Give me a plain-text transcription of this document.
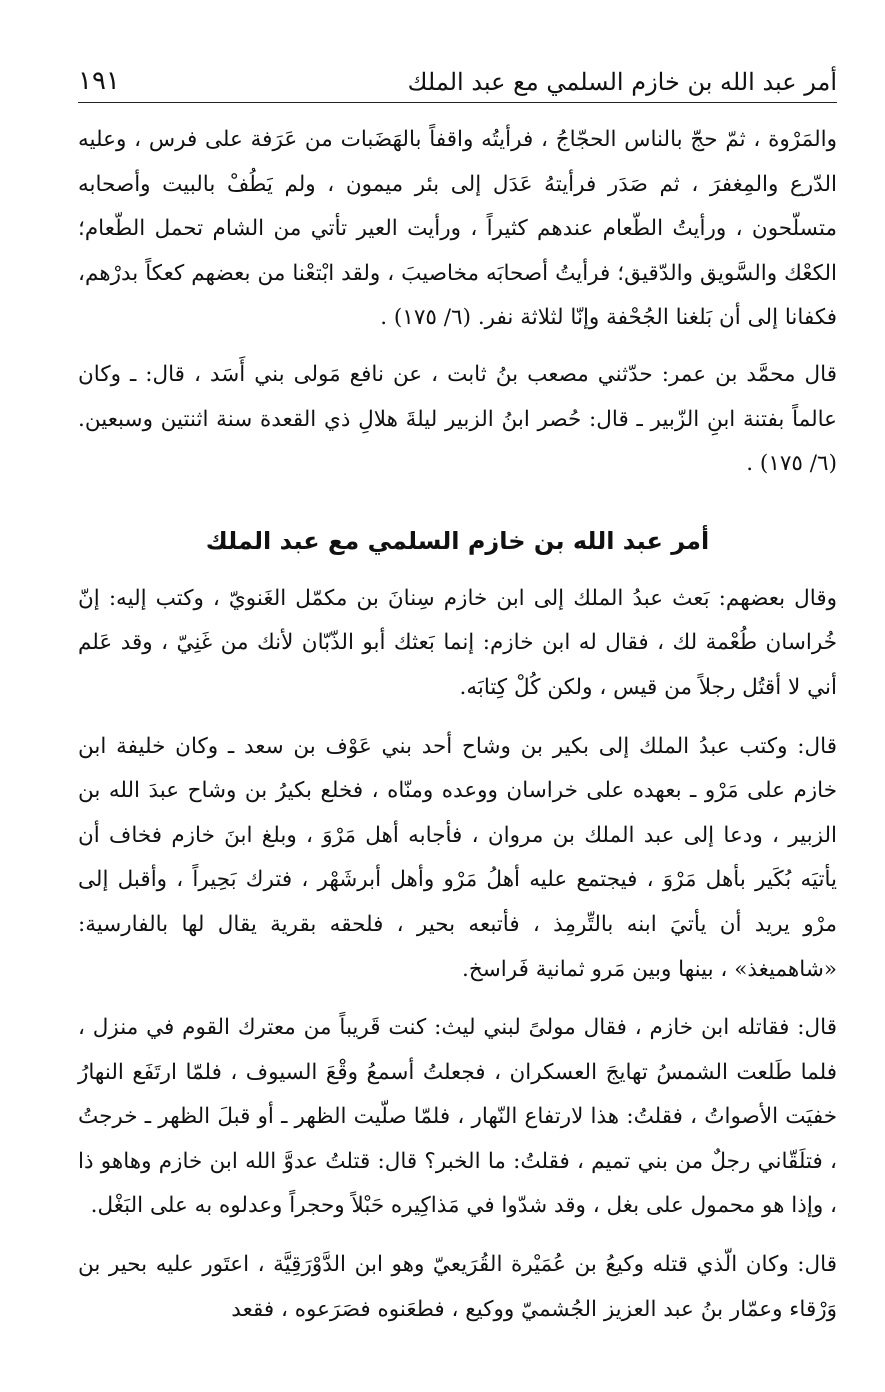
أمر عبد الله بن خازم السلمي مع عبد الملك
١٩١

والمَرْوة ، ثمّ حجّ بالناس الحجّاجُ ، فرأيتُه واقفاً بالهَضَبات من عَرَفة على فرس ، وعليه الدّرع والمِغفرَ ، ثم صَدَر فرأيتهُ عَدَل إلى بئر ميمون ، ولم يَطُفْ بالبيت وأصحابه متسلّحون ، ورأيتُ الطّعام عندهم كثيراً ، ورأيت العير تأتي من الشام تحمل الطّعام؛ الكعْك والسَّويق والدّقيق؛ فرأيتُ أصحابَه مخاصيبَ ، ولقد ابْتعْنا من بعضهم كعكاً بدرْهم، فكفانا إلى أن بَلغنا الجُحْفة وإنّا لثلاثة نفر. (٦/ ١٧٥) .

قال محمَّد بن عمر: حدّثني مصعب بنُ ثابت ، عن نافع مَولى بني أَسَد ، قال: ـ وكان عالماً بفتنة ابنِ الزّبير ـ قال: حُصر ابنُ الزبير ليلةَ هلالِ ذي القعدة سنة اثنتين وسبعين. (٦/ ١٧٥) .

أمر عبد الله بن خازم السلمي مع عبد الملك

وقال بعضهم: بَعث عبدُ الملك إلى ابن خازم سِنانَ بن مكمّل الغَنويّ ، وكتب إليه: إنّ خُراسان طُعْمة لك ، فقال له ابن خازم: إنما بَعثك أبو الذّبّان لأنك من غَنِيّ ، وقد عَلم أني لا أقتُل رجلاً من قيس ، ولكن كُلْ كِتابَه.

قال: وكتب عبدُ الملك إلى بكير بن وشاح أحد بني عَوْف بن سعد ـ وكان خليفة ابن خازم على مَرْو ـ بعهده على خراسان ووعده ومنّاه ، فخلع بكيرُ بن وشاح عبدَ الله بن الزبير ، ودعا إلى عبد الملك بن مروان ، فأجابه أهل مَرْوَ ، وبلغ ابنَ خازم فخاف أن يأتيَه بُكَير بأهل مَرْوَ ، فيجتمع عليه أهلُ مَرْو وأهل أبرشَهْر ، فترك بَحِيراً ، وأقبل إلى مرْو يريد أن يأتيَ ابنه بالتِّرمِذ ، فأتبعه بحير ، فلحقه بقرية يقال لها بالفارسية: «شاهميغذ» ، بينها وبين مَرو ثمانية فَراسخ.

قال: فقاتله ابن خازم ، فقال مولىً لبني ليث: كنت قَريباً من معترك القوم في منزل ، فلما طَلعت الشمسُ تهايجَ العسكران ، فجعلتُ أسمعُ وقْعَ السيوف ، فلمّا ارتَفَع النهارُ خفيَت الأصواتُ ، فقلتُ: هذا لارتفاع النّهار ، فلمّا صلّيت الظهر ـ أو قبلَ الظهر ـ خرجتُ ، فتلَقّاني رجلٌ من بني تميم ، فقلتُ: ما الخبر؟ قال: قتلتُ عدوَّ الله ابن خازم وهاهو ذا ، وإذا هو محمول على بغل ، وقد شدّوا في مَذاكِيره حَبْلاً وحجراً وعدلوه به على البَغْل.

قال: وكان الّذي قتله وكيعُ بن عُمَيْرة القُرَيعيّ وهو ابن الدَّوْرَقِيَّة ، اعتَور عليه بحير بن وَرْقاء وعمّار بنُ عبد العزيز الجُشميّ ووكيع ، فطعَنوه فصَرَعوه ، فقعد
